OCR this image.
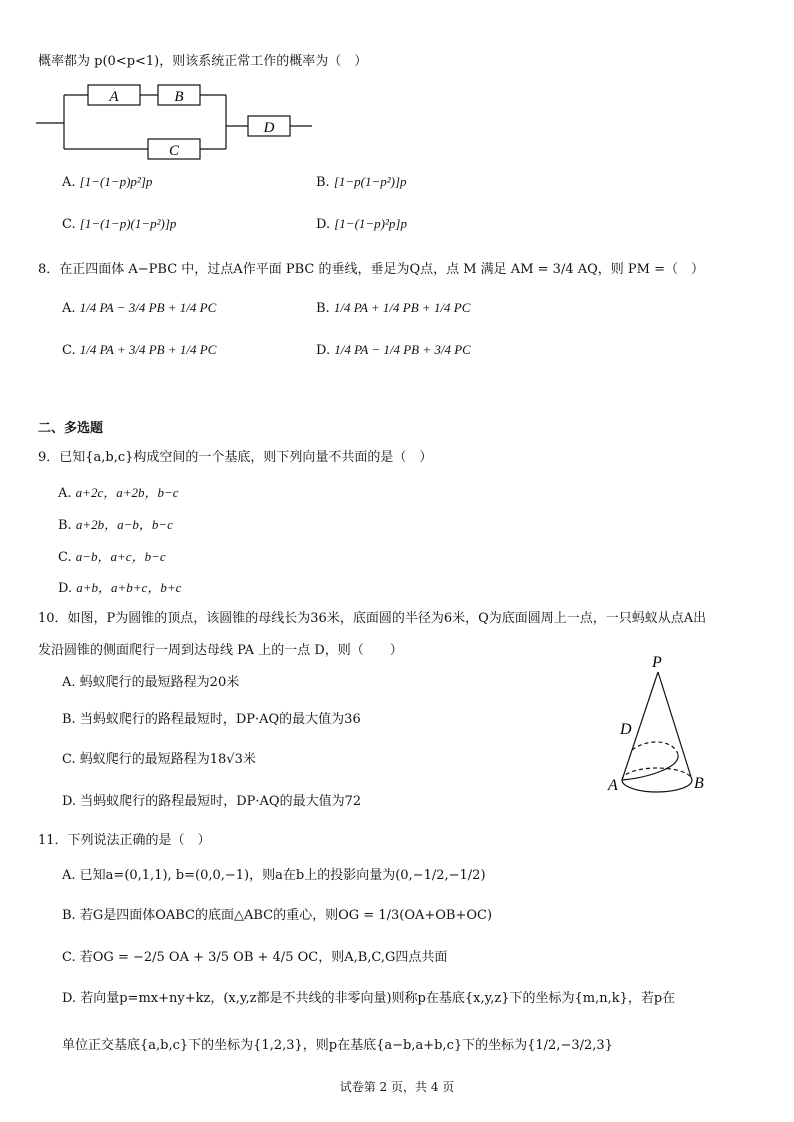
概率都为 p(0<p<1)，则该系统正常工作的概率为（　）
A	B
C
D
A. [1−(1−p)p²]p	B. [1−p(1−p²)]p
C. [1−(1−p)(1−p²)]p	D. [1−(1−p)²p]p
8．在正四面体 A−PBC 中，过点A作平面 PBC 的垂线，垂足为Q点，点 M 满足 AM = 3/4 AQ，则 PM =（　）
A. 1/4 PA − 3/4 PB + 1/4 PC	B. 1/4 PA + 1/4 PB + 1/4 PC
C. 1/4 PA + 3/4 PB + 1/4 PC	D. 1/4 PA − 1/4 PB + 3/4 PC
二、多选题
9．已知{a,b,c}构成空间的一个基底，则下列向量不共面的是（　）
A. a+2c，a+2b，b−c
B. a+2b，a−b，b−c
C. a−b，a+c，b−c
D. a+b，a+b+c，b+c
10．如图，P为圆锥的顶点，该圆锥的母线长为36米，底面圆的半径为6米，Q为底面圆周上一点，一只蚂蚁从点A出
发沿圆锥的侧面爬行一周到达母线 PA 上的一点 D，则（　　）
A. 蚂蚁爬行的最短路程为20米
B. 当蚂蚁爬行的路程最短时，DP·AQ的最大值为36
C. 蚂蚁爬行的最短路程为18√3米
D. 当蚂蚁爬行的路程最短时，DP·AQ的最大值为72
P
D
A	B
11．下列说法正确的是（　）
A. 已知a=(0,1,1), b=(0,0,−1)，则a在b上的投影向量为(0,−1/2,−1/2)
B. 若G是四面体OABC的底面△ABC的重心，则OG = 1/3(OA+OB+OC)
C. 若OG = −2/5 OA + 3/5 OB + 4/5 OC，则A,B,C,G四点共面
D. 若向量p=mx+ny+kz，(x,y,z都是不共线的非零向量)则称p在基底{x,y,z}下的坐标为{m,n,k}，若p在
单位正交基底{a,b,c}下的坐标为{1,2,3}，则p在基底{a−b,a+b,c}下的坐标为{1/2,−3/2,3}
试卷第 2 页，共 4 页
